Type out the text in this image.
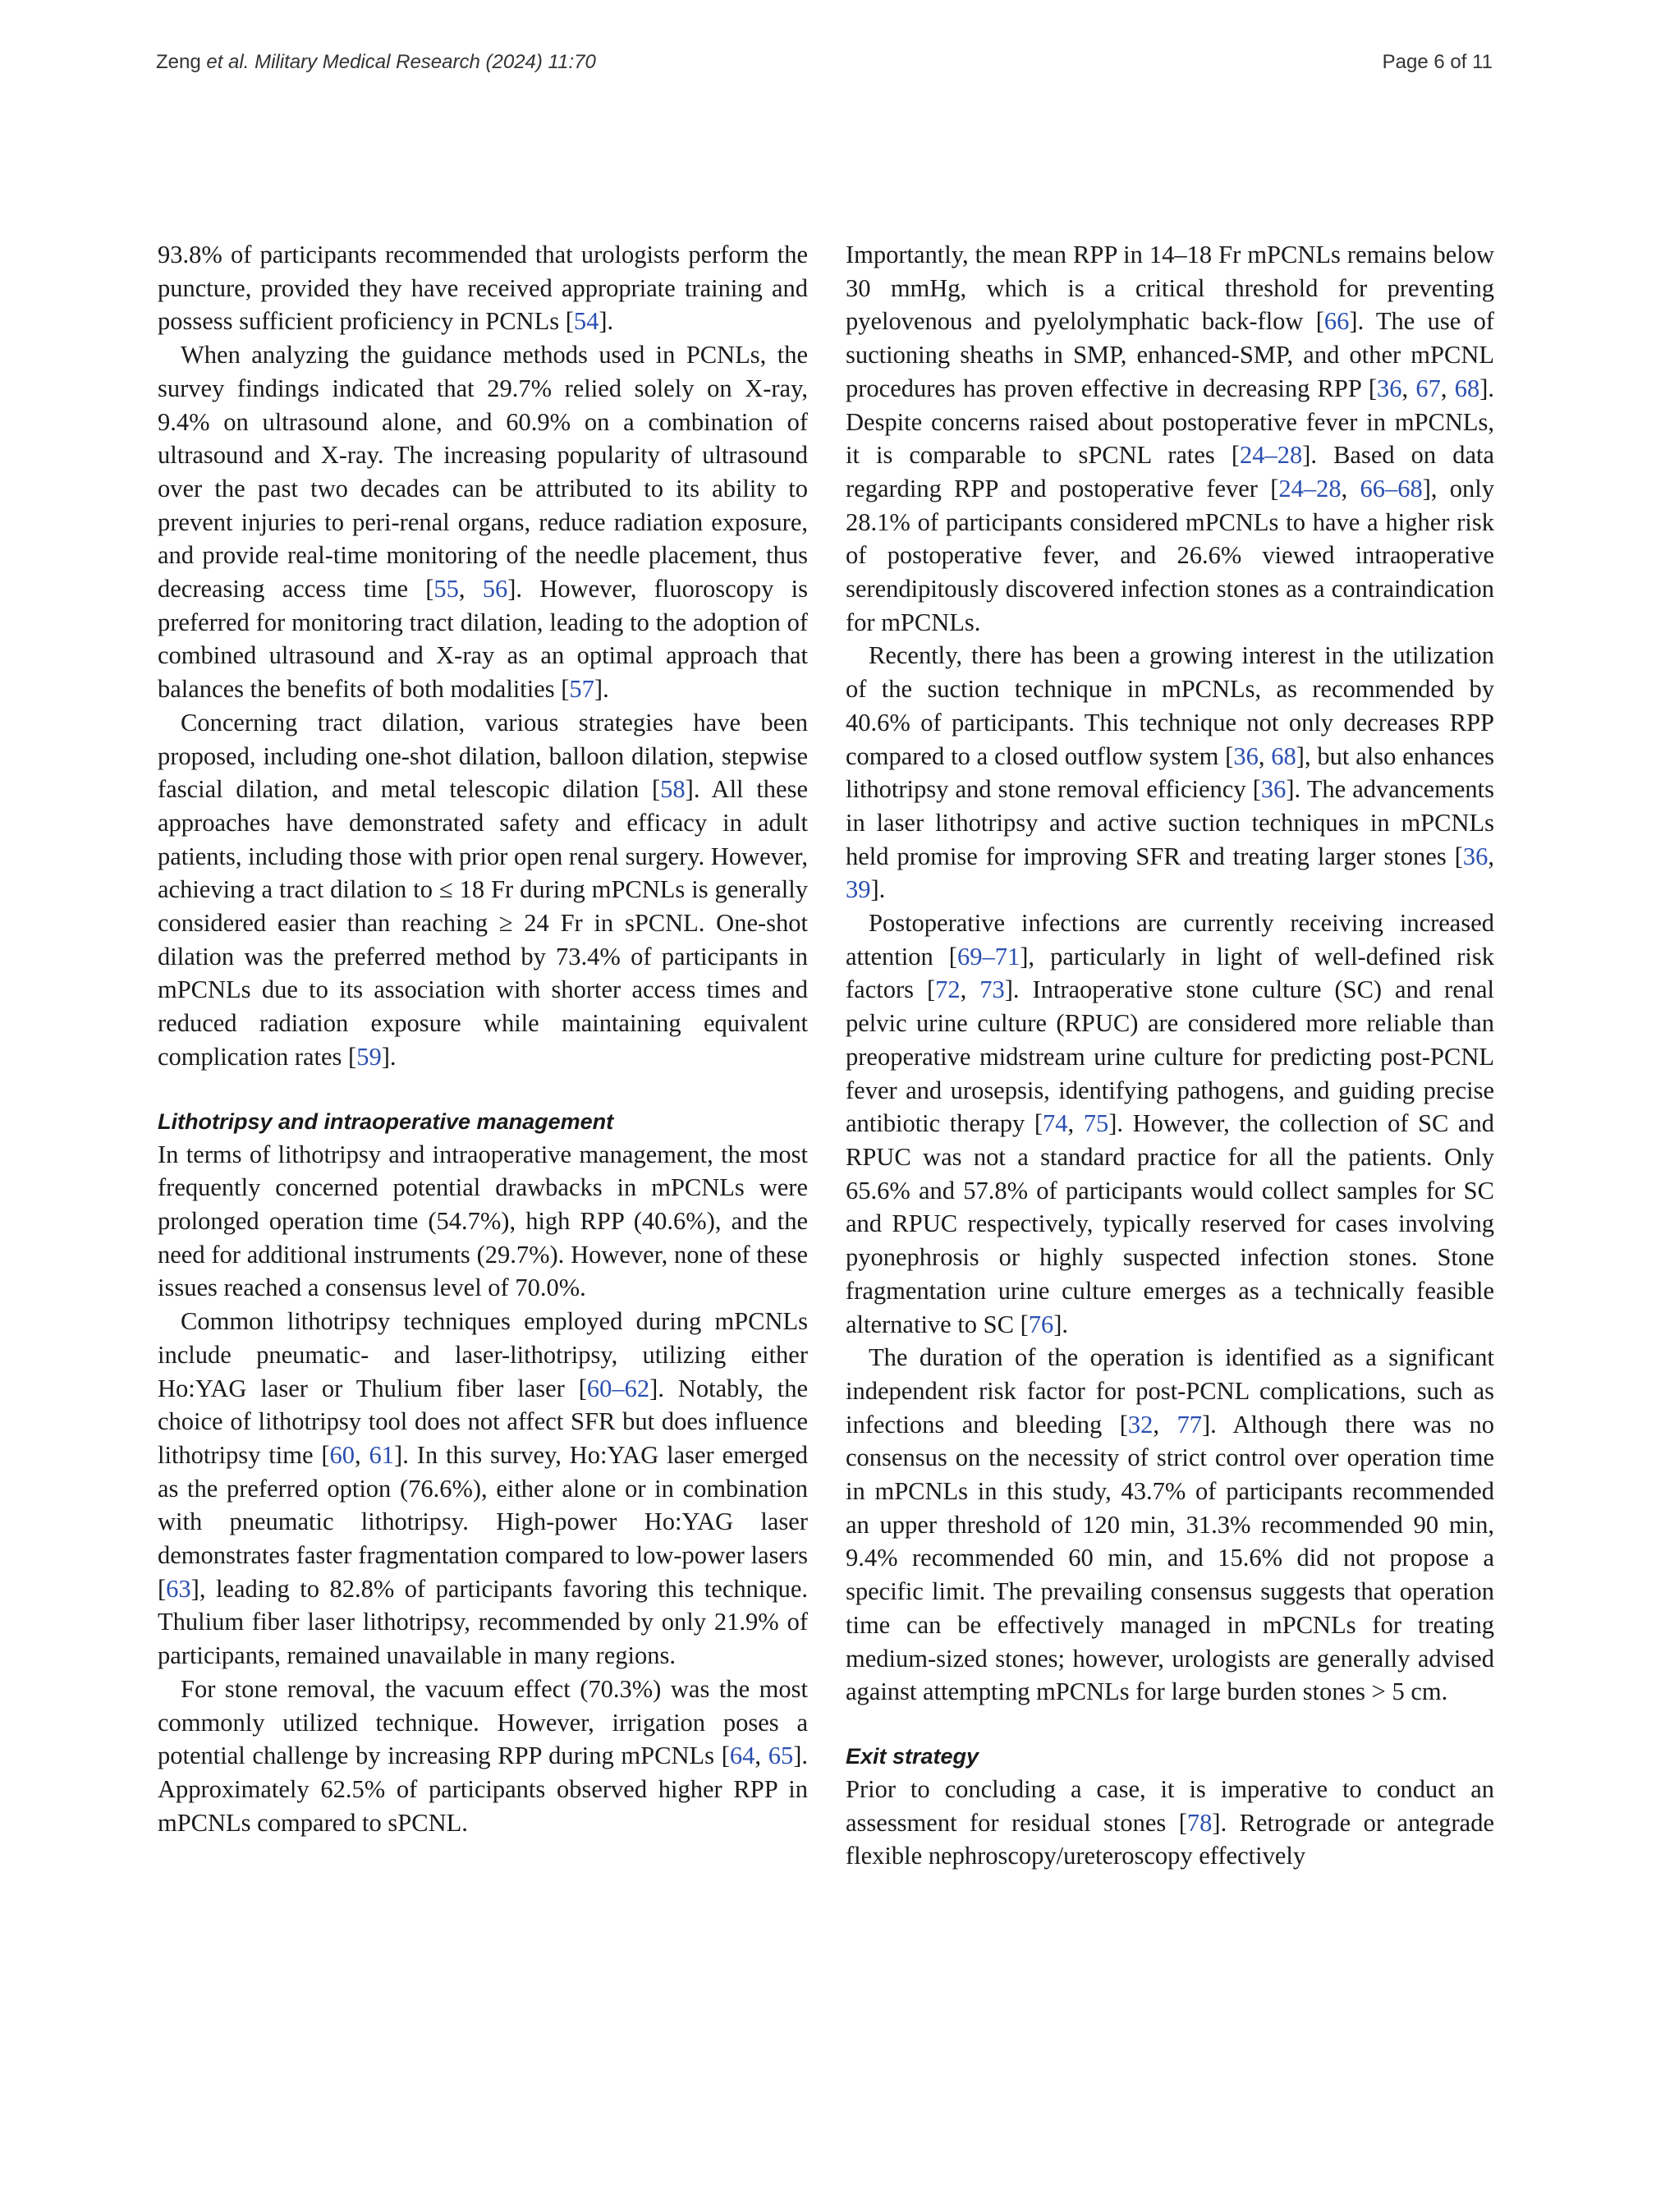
Zeng et al. Military Medical Research (2024) 11:70	Page 6 of 11

93.8% of participants recommended that urologists perform the puncture, provided they have received appropriate training and possess sufficient proficiency in PCNLs [54].

When analyzing the guidance methods used in PCNLs, the survey findings indicated that 29.7% relied solely on X-ray, 9.4% on ultrasound alone, and 60.9% on a combination of ultrasound and X-ray. The increasing popularity of ultrasound over the past two decades can be attributed to its ability to prevent injuries to peri-renal organs, reduce radiation exposure, and provide real-time monitoring of the needle placement, thus decreasing access time [55, 56]. However, fluoroscopy is preferred for monitoring tract dilation, leading to the adoption of combined ultrasound and X-ray as an optimal approach that balances the benefits of both modalities [57].

Concerning tract dilation, various strategies have been proposed, including one-shot dilation, balloon dilation, stepwise fascial dilation, and metal telescopic dilation [58]. All these approaches have demonstrated safety and efficacy in adult patients, including those with prior open renal surgery. However, achieving a tract dilation to ≤ 18 Fr during mPCNLs is generally considered easier than reaching ≥ 24 Fr in sPCNL. One-shot dilation was the preferred method by 73.4% of participants in mPCNLs due to its association with shorter access times and reduced radiation exposure while maintaining equivalent complication rates [59].

Lithotripsy and intraoperative management

In terms of lithotripsy and intraoperative management, the most frequently concerned potential drawbacks in mPCNLs were prolonged operation time (54.7%), high RPP (40.6%), and the need for additional instruments (29.7%). However, none of these issues reached a consensus level of 70.0%.

Common lithotripsy techniques employed during mPCNLs include pneumatic- and laser-lithotripsy, utilizing either Ho:YAG laser or Thulium fiber laser [60–62]. Notably, the choice of lithotripsy tool does not affect SFR but does influence lithotripsy time [60, 61]. In this survey, Ho:YAG laser emerged as the preferred option (76.6%), either alone or in combination with pneumatic lithotripsy. High-power Ho:YAG laser demonstrates faster fragmentation compared to low-power lasers [63], leading to 82.8% of participants favoring this technique. Thulium fiber laser lithotripsy, recommended by only 21.9% of participants, remained unavailable in many regions.

For stone removal, the vacuum effect (70.3%) was the most commonly utilized technique. However, irrigation poses a potential challenge by increasing RPP during mPCNLs [64, 65]. Approximately 62.5% of participants observed higher RPP in mPCNLs compared to sPCNL.

Importantly, the mean RPP in 14–18 Fr mPCNLs remains below 30 mmHg, which is a critical threshold for preventing pyelovenous and pyelolymphatic back-flow [66]. The use of suctioning sheaths in SMP, enhanced-SMP, and other mPCNL procedures has proven effective in decreasing RPP [36, 67, 68]. Despite concerns raised about postoperative fever in mPCNLs, it is comparable to sPCNL rates [24–28]. Based on data regarding RPP and postoperative fever [24–28, 66–68], only 28.1% of participants considered mPCNLs to have a higher risk of postoperative fever, and 26.6% viewed intraoperative serendipitously discovered infection stones as a contraindication for mPCNLs.

Recently, there has been a growing interest in the utilization of the suction technique in mPCNLs, as recommended by 40.6% of participants. This technique not only decreases RPP compared to a closed outflow system [36, 68], but also enhances lithotripsy and stone removal efficiency [36]. The advancements in laser lithotripsy and active suction techniques in mPCNLs held promise for improving SFR and treating larger stones [36, 39].

Postoperative infections are currently receiving increased attention [69–71], particularly in light of well-defined risk factors [72, 73]. Intraoperative stone culture (SC) and renal pelvic urine culture (RPUC) are considered more reliable than preoperative midstream urine culture for predicting post-PCNL fever and urosepsis, identifying pathogens, and guiding precise antibiotic therapy [74, 75]. However, the collection of SC and RPUC was not a standard practice for all the patients. Only 65.6% and 57.8% of participants would collect samples for SC and RPUC respectively, typically reserved for cases involving pyonephrosis or highly suspected infection stones. Stone fragmentation urine culture emerges as a technically feasible alternative to SC [76].

The duration of the operation is identified as a significant independent risk factor for post-PCNL complications, such as infections and bleeding [32, 77]. Although there was no consensus on the necessity of strict control over operation time in mPCNLs in this study, 43.7% of participants recommended an upper threshold of 120 min, 31.3% recommended 90 min, 9.4% recommended 60 min, and 15.6% did not propose a specific limit. The prevailing consensus suggests that operation time can be effectively managed in mPCNLs for treating medium-sized stones; however, urologists are generally advised against attempting mPCNLs for large burden stones > 5 cm.

Exit strategy

Prior to concluding a case, it is imperative to conduct an assessment for residual stones [78]. Retrograde or antegrade flexible nephroscopy/ureteroscopy effectively
